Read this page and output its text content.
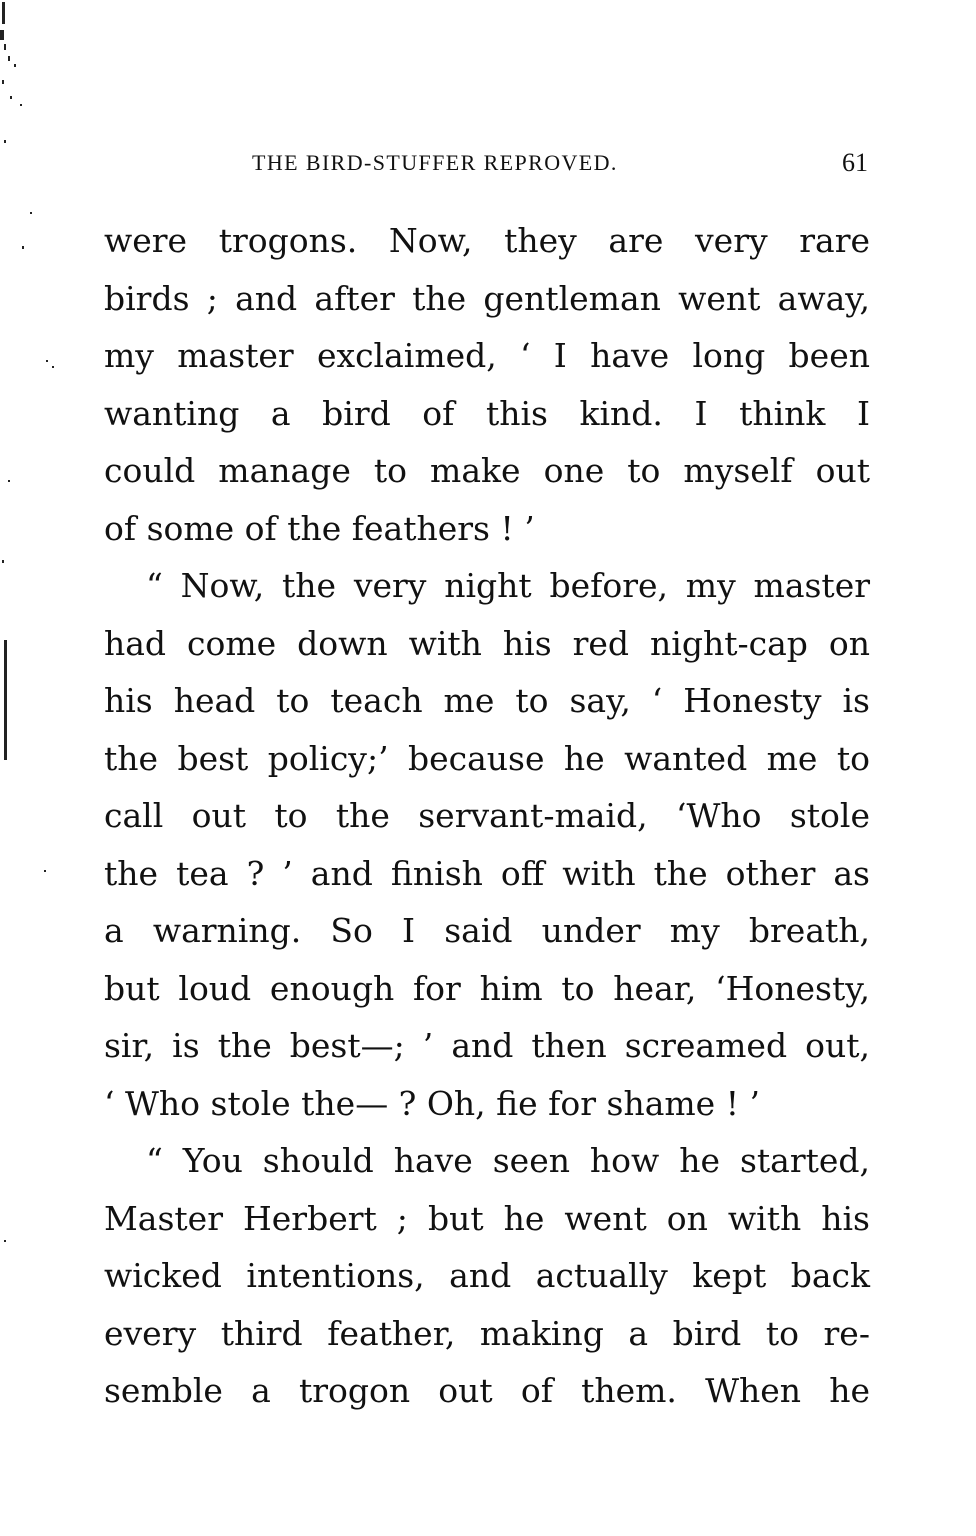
THE BIRD-STUFFER REPROVED.	61
were trogons. Now, they are very rare
birds ; and after the gentleman went away,
my master exclaimed, ‘ I have long been
wanting a bird of this kind. I think I
could manage to make one to myself out
of some of the feathers ! ’
“ Now, the very night before, my master
had come down with his red night-cap on
his head to teach me to say, ‘ Honesty is
the best policy;’ because he wanted me to
call out to the servant-maid, ‘Who stole
the tea ? ’ and finish off with the other as
a warning. So I said under my breath,
but loud enough for him to hear, ‘Honesty,
sir, is the best—; ’ and then screamed out,
‘ Who stole the— ? Oh, fie for shame ! ’
“ You should have seen how he started,
Master Herbert ; but he went on with his
wicked intentions, and actually kept back
every third feather, making a bird to re-
semble a trogon out of them. When he
